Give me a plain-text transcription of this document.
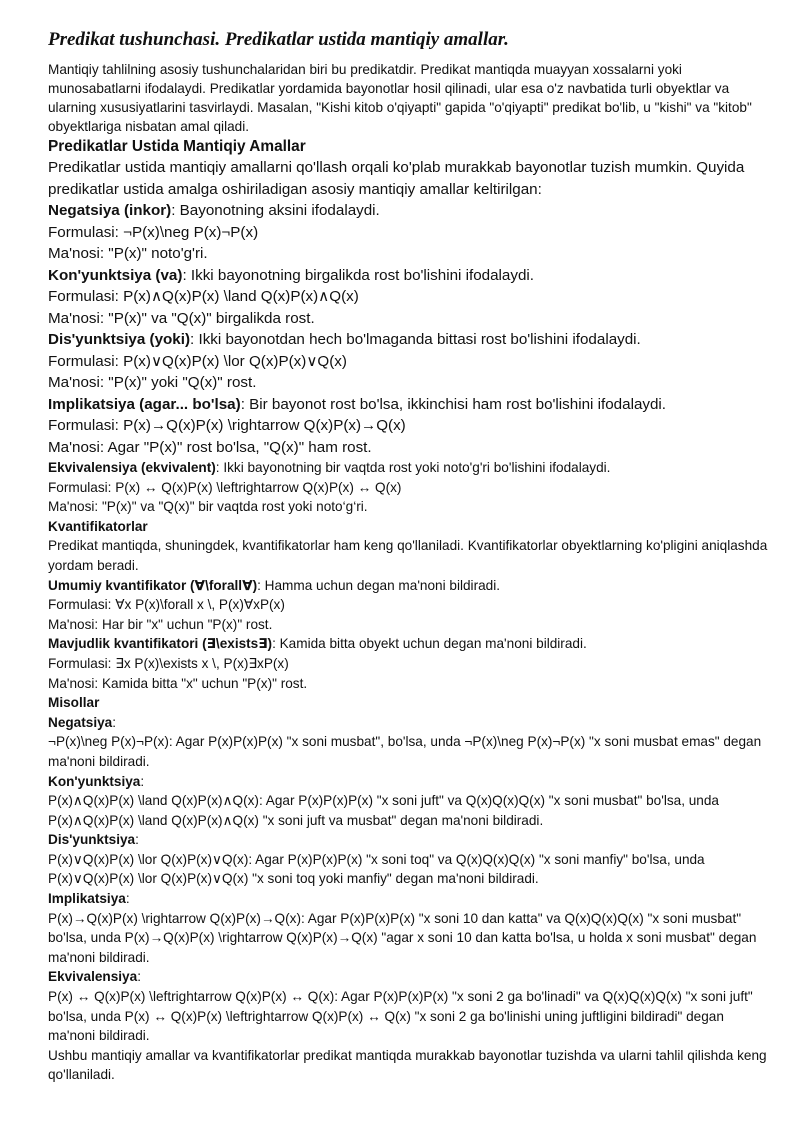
Predikat tushunchasi. Predikatlar ustida mantiqiy amallar.

Mantiqiy tahlilning asosiy tushunchalaridan biri bu predikatdir. Predikat mantiqda muayyan xossalarni yoki munosabatlarni ifodalaydi. Predikatlar yordamida bayonotlar hosil qilinadi, ular esa o'z navbatida turli obyektlar va ularning xususiyatlarini tasvirlaydi. Masalan, "Kishi kitob o'qiyapti" gapida "o'qiyapti" predikat bo'lib, u "kishi" va "kitob" obyektlariga nisbatan amal qiladi.

Predikatlar Ustida Mantiqiy Amallar

Predikatlar ustida mantiqiy amallarni qo'llash orqali ko'plab murakkab bayonotlar tuzish mumkin. Quyida predikatlar ustida amalga oshiriladigan asosiy mantiqiy amallar keltirilgan:

Negatsiya (inkor): Bayonotning aksini ifodalaydi.

Formulasi: ¬P(x)\neg P(x)¬P(x)

Ma'nosi: "P(x)" noto'g'ri.

Kon'yunktsiya (va): Ikki bayonotning birgalikda rost bo'lishini ifodalaydi.

Formulasi: P(x)∧Q(x)P(x) \land Q(x)P(x)∧Q(x)

Ma'nosi: "P(x)" va "Q(x)" birgalikda rost.

Dis'yunktsiya (yoki): Ikki bayonotdan hech bo'lmaganda bittasi rost bo'lishini ifodalaydi.

Formulasi: P(x)∨Q(x)P(x) \lor Q(x)P(x)∨Q(x)

Ma'nosi: "P(x)" yoki "Q(x)" rost.

Implikatsiya (agar... bo'lsa): Bir bayonot rost bo'lsa, ikkinchisi ham rost bo'lishini ifodalaydi.

Formulasi: P(x)→Q(x)P(x) \rightarrow Q(x)P(x)→Q(x)

Ma'nosi: Agar "P(x)" rost bo'lsa, "Q(x)" ham rost.

Ekvivalensiya (ekvivalent): Ikki bayonotning bir vaqtda rost yoki noto'g'ri bo'lishini ifodalaydi.

Formulasi: P(x) ↔ Q(x)P(x) \leftrightarrow Q(x)P(x) ↔ Q(x)

Ma'nosi: "P(x)" va "Q(x)" bir vaqtda rost yoki noto‘g‘ri.

Kvantifikatorlar

Predikat mantiqda, shuningdek, kvantifikatorlar ham keng qo'llaniladi. Kvantifikatorlar obyektlarning ko'pligini aniqlashda yordam beradi.

Umumiy kvantifikator (∀\forall∀): Hamma uchun degan ma'noni bildiradi.

Formulasi: ∀x P(x)\forall x \, P(x)∀xP(x)

Ma'nosi: Har bir "x" uchun "P(x)" rost.

Mavjudlik kvantifikatori (∃\exists∃): Kamida bitta obyekt uchun degan ma'noni bildiradi.

Formulasi: ∃x P(x)\exists x \, P(x)∃xP(x)

Ma'nosi: Kamida bitta "x" uchun "P(x)" rost.

Misollar

Negatsiya:

¬P(x)\neg P(x)¬P(x): Agar P(x)P(x)P(x) "x soni musbat", bo'lsa, unda ¬P(x)\neg P(x)¬P(x) "x soni musbat emas" degan ma'noni bildiradi.

Kon'yunktsiya:

P(x)∧Q(x)P(x) \land Q(x)P(x)∧Q(x): Agar P(x)P(x)P(x) "x soni juft" va Q(x)Q(x)Q(x) "x soni musbat" bo'lsa, unda P(x)∧Q(x)P(x) \land Q(x)P(x)∧Q(x) "x soni juft va musbat" degan ma'noni bildiradi.

Dis'yunktsiya:

P(x)∨Q(x)P(x) \lor Q(x)P(x)∨Q(x): Agar P(x)P(x)P(x) "x soni toq" va Q(x)Q(x)Q(x) "x soni manfiy" bo'lsa, unda P(x)∨Q(x)P(x) \lor Q(x)P(x)∨Q(x) "x soni toq yoki manfiy" degan ma'noni bildiradi.

Implikatsiya:

P(x)→Q(x)P(x) \rightarrow Q(x)P(x)→Q(x): Agar P(x)P(x)P(x) "x soni 10 dan katta" va Q(x)Q(x)Q(x) "x soni musbat" bo'lsa, unda P(x)→Q(x)P(x) \rightarrow Q(x)P(x)→Q(x) "agar x soni 10 dan katta bo'lsa, u holda x soni musbat" degan ma'noni bildiradi.

Ekvivalensiya:

P(x) ↔ Q(x)P(x) \leftrightarrow Q(x)P(x) ↔ Q(x): Agar P(x)P(x)P(x) "x soni 2 ga bo'linadi" va Q(x)Q(x)Q(x) "x soni juft" bo'lsa, unda P(x) ↔ Q(x)P(x) \leftrightarrow Q(x)P(x) ↔ Q(x) "x soni 2 ga bo'linishi uning juftligini bildiradi" degan ma'noni bildiradi.

Ushbu mantiqiy amallar va kvantifikatorlar predikat mantiqda murakkab bayonotlar tuzishda va ularni tahlil qilishda keng qo'llaniladi.
